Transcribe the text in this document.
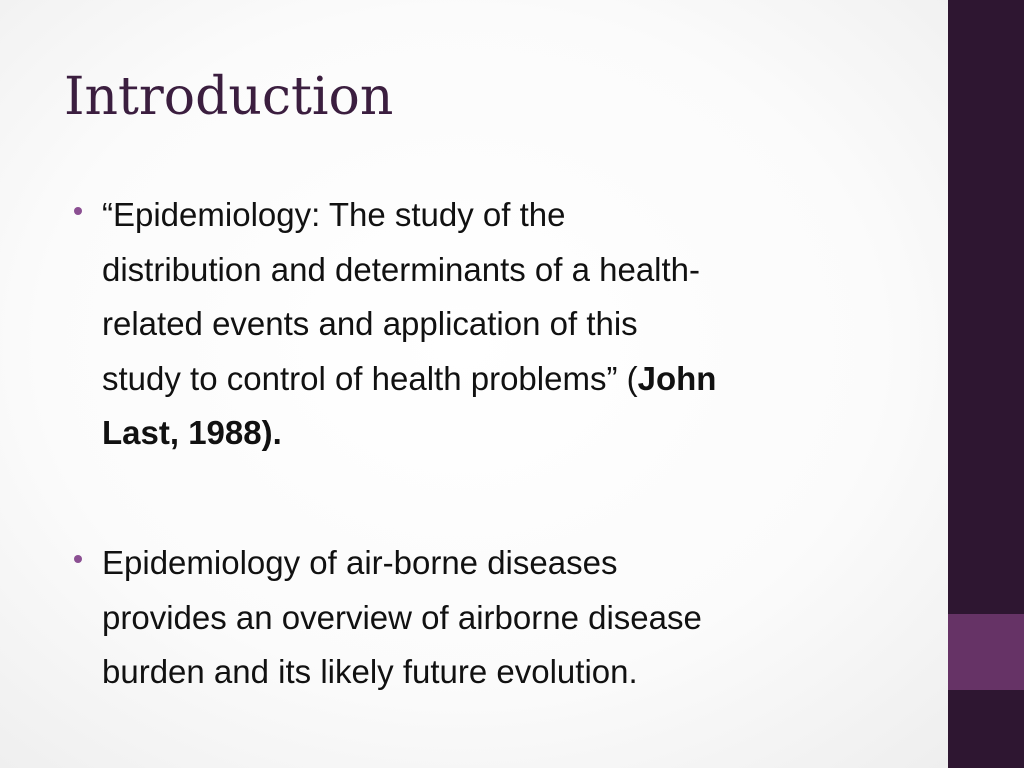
Introduction
“Epidemiology: The study of the
distribution and determinants of a health-
related events and application of this
study to control of health problems” (John
Last, 1988).
Epidemiology of air-borne diseases
provides an overview of airborne disease
burden and its likely future evolution.
